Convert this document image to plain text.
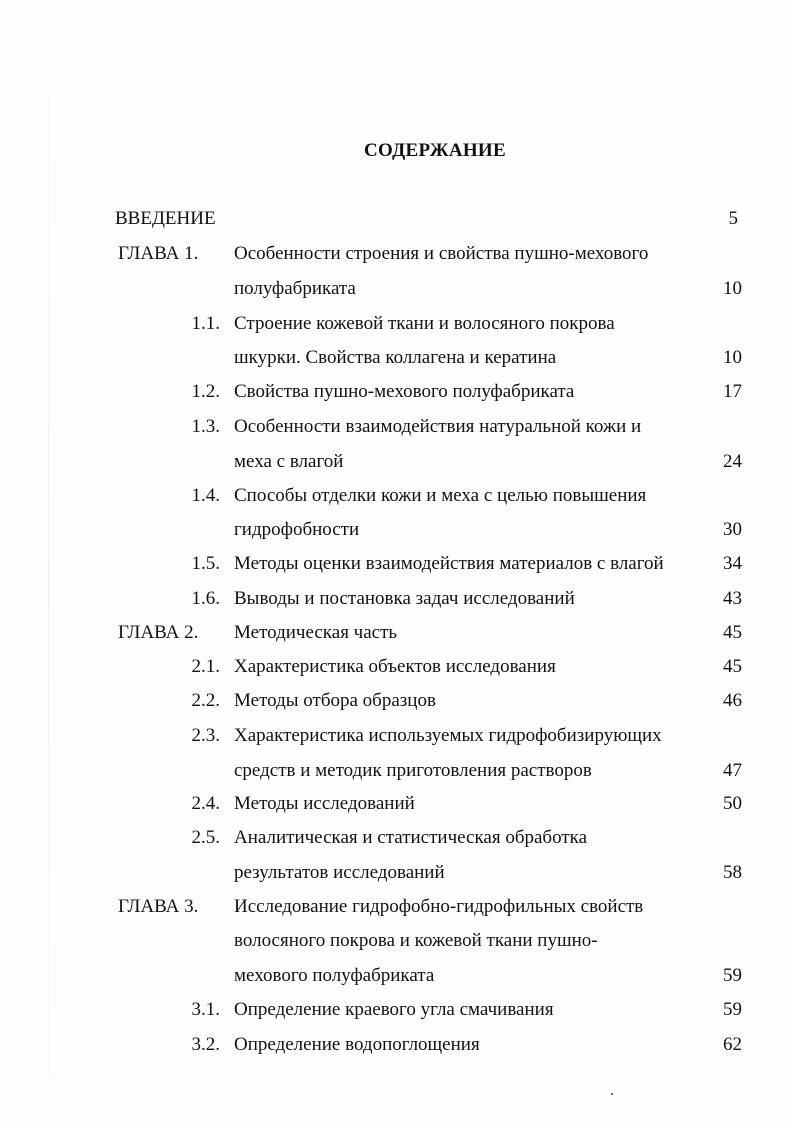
СОДЕРЖАНИЕ
ВВЕДЕНИЕ	5
ГЛАВА 1. Особенности строения и свойства пушно-мехового
полуфабриката	10
1.1. Строение кожевой ткани и волосяного покрова
шкурки. Свойства коллагена и кератина	10
1.2. Свойства пушно-мехового полуфабриката	17
1.3. Особенности взаимодействия натуральной кожи и
меха с влагой	24
1.4. Способы отделки кожи и меха с целью повышения
гидрофобности	30
1.5. Методы оценки взаимодействия материалов с влагой	34
1.6. Выводы и постановка задач исследований	43
ГЛАВА 2. Методическая часть	45
2.1. Характеристика объектов исследования	45
2.2. Методы отбора образцов	46
2.3. Характеристика используемых гидрофобизирующих
средств и методик приготовления растворов	47
2.4. Методы исследований	50
2.5. Аналитическая и статистическая обработка
результатов исследований	58
ГЛАВА 3. Исследование гидрофобно-гидрофильных свойств
волосяного покрова и кожевой ткани пушно-
мехового полуфабриката	59
3.1. Определение краевого угла смачивания	59
3.2. Определение водопоглощения	62
